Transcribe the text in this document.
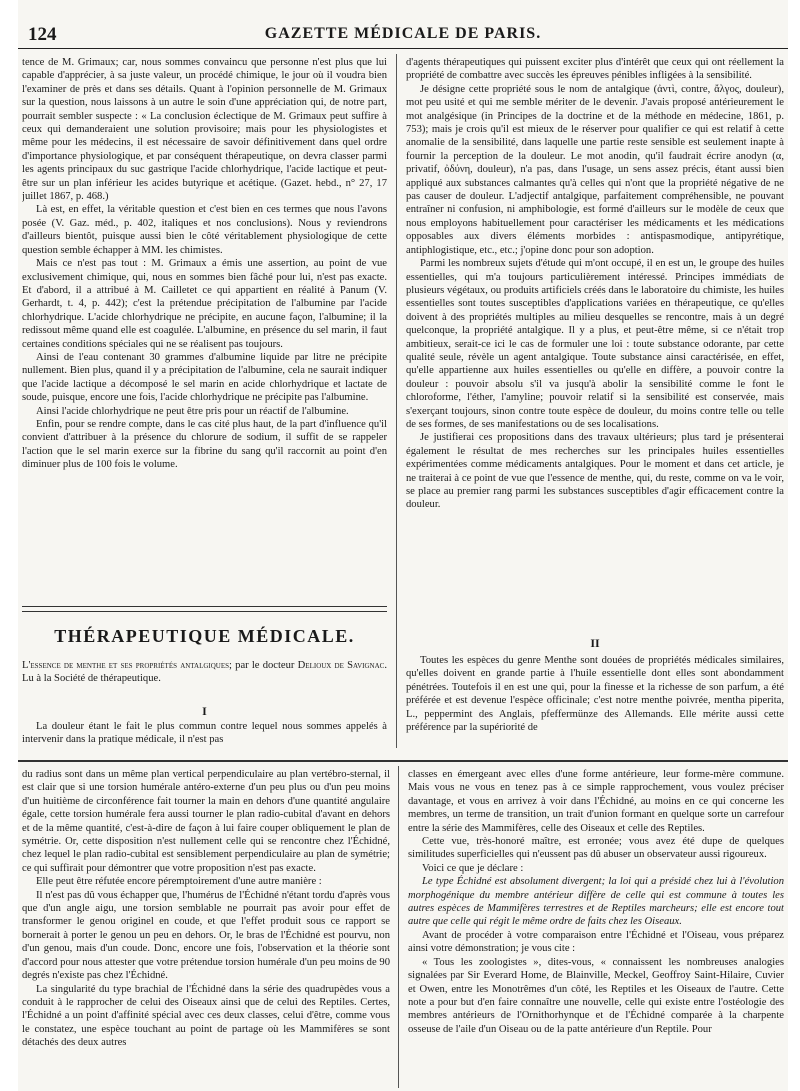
124	GAZETTE MÉDICALE DE PARIS.

tence de M. Grimaux; car, nous sommes convaincu que personne n'est plus que lui capable d'apprécier, à sa juste valeur, un procédé chimique, le jour où il voudra bien l'examiner de près et dans ses détails. Quant à l'opinion personnelle de M. Grimaux sur la question, nous laissons à un autre le soin d'une appréciation qui, de notre part, pourrait sembler suspecte : « La conclusion éclectique de M. Grimaux peut suffire à ceux qui demanderaient une solution provisoire; mais pour les physiologistes et même pour les médecins, il est nécessaire de savoir définitivement dans quel ordre d'importance physiologique, et par conséquent thérapeutique, on devra classer parmi les agents principaux du suc gastrique l'acide chlorhydrique, l'acide lactique et peut-être sur un plan inférieur les acides butyrique et acétique. (Gazet. hebd., n° 27, 17 juillet 1867, p. 468.)

Là est, en effet, la véritable question et c'est bien en ces termes que nous l'avons posée (V. Gaz. méd., p. 402, italiques et nos conclusions). Nous y reviendrons d'ailleurs bientôt, puisque aussi bien le côté véritablement physiologique de cette question semble échapper à MM. les chimistes.

Mais ce n'est pas tout : M. Grimaux a émis une assertion, au point de vue exclusivement chimique, qui, nous en sommes bien fâché pour lui, n'est pas exacte. Et d'abord, il a attribué à M. Cailletet ce qui appartient en réalité à Panum (V. Gerhardt, t. 4, p. 442); c'est la prétendue précipitation de l'albumine par l'acide chlorhydrique. L'acide chlorhydrique ne précipite, en aucune façon, l'albumine; il la redissout même quand elle est coagulée. L'albumine, en présence du sel marin, il faut certaines conditions spéciales qui ne se réalisent pas toujours.

Ainsi de l'eau contenant 30 grammes d'albumine liquide par litre ne précipite nullement. Bien plus, quand il y a précipitation de l'albumine, cela ne saurait indiquer que l'acide lactique a décomposé le sel marin en acide chlorhydrique et lactate de soude, puisque, encore une fois, l'acide chlorhydrique ne précipite pas l'albumine.

Ainsi l'acide chlorhydrique ne peut être pris pour un réactif de l'albumine.

Enfin, pour se rendre compte, dans le cas cité plus haut, de la part d'influence qu'il convient d'attribuer à la présence du chlorure de sodium, il suffit de se rappeler l'action que le sel marin exerce sur la fibrine du sang qu'il raccornit au point d'en diminuer plus de 100 fois le volume.

THÉRAPEUTIQUE MÉDICALE.
L'essence de menthe et ses propriétés antalgiques; par le docteur Delioux de Savignac. Lu à la Société de thérapeutique.
I

La douleur étant le fait le plus commun contre lequel nous sommes appelés à intervenir dans la pratique médicale, il n'est pas

d'agents thérapeutiques qui puissent exciter plus d'intérêt que ceux qui ont réellement la propriété de combattre avec succès les épreuves pénibles infligées à la sensibilité.

Je désigne cette propriété sous le nom de antalgique (ἀντὶ, contre, ἄλγος, douleur), mot peu usité et qui me semble mériter de le devenir. J'avais proposé antérieurement le mot analgésique (in Principes de la doctrine et de la méthode en médecine, 1861, p. 753); mais je crois qu'il est mieux de le réserver pour qualifier ce qui est relatif à cette anomalie de la sensibilité, dans laquelle une partie reste sensible est seulement inapte à fournir la perception de la douleur. Le mot anodin, qu'il faudrait écrire anodyn (α, privatif, ὀδύνη, douleur), n'a pas, dans l'usage, un sens assez précis, étant aussi bien appliqué aux substances calmantes qu'à celles qui n'ont que la propriété négative de ne pas causer de douleur. L'adjectif antalgique, parfaitement compréhensible, ne pouvant entraîner ni confusion, ni amphibologie, est formé d'ailleurs sur le modèle de ceux que nous employons habituellement pour caractériser les médicaments et les médications opposables aux divers éléments morbides : antispasmodique, antipyrétique, antiphlogistique, etc., etc.; j'opine donc pour son adoption.

Parmi les nombreux sujets d'étude qui m'ont occupé, il en est un, le groupe des huiles essentielles, qui m'a toujours particulièrement intéressé. Principes immédiats de plusieurs végétaux, ou produits artificiels créés dans le laboratoire du chimiste, les huiles essentielles sont toutes susceptibles d'applications variées en thérapeutique, ce qu'elles doivent à des propriétés multiples au milieu desquelles se rencontre, mais à un degré quelconque, la propriété antalgique. Il y a plus, et peut-être même, si ce n'était trop ambitieux, serait-ce ici le cas de formuler une loi : toute substance odorante, par cette qualité seule, révèle un agent antalgique. Toute substance ainsi caractérisée, en effet, qu'elle appartienne aux huiles essentielles ou qu'elle en diffère, a pouvoir contre la douleur : pouvoir absolu s'il va jusqu'à abolir la sensibilité comme le font le chloroforme, l'éther, l'amyline; pouvoir relatif si la sensibilité est conservée, mais s'exerçant toujours, sinon contre toute espèce de douleur, du moins contre telle ou telle de ses formes, de ses manifestations ou de ses localisations.

Je justifierai ces propositions dans des travaux ultérieurs; plus tard je présenterai également le résultat de mes recherches sur les principales huiles essentielles expérimentées comme médicaments antalgiques. Pour le moment et dans cet article, je ne traiterai à ce point de vue que l'essence de menthe, qui, du reste, comme on va le voir, se place au premier rang parmi les substances susceptibles d'agir efficacement contre la douleur.

II

Toutes les espèces du genre Menthe sont douées de propriétés médicales similaires, qu'elles doivent en grande partie à l'huile essentielle dont elles sont abondamment pénétrées. Toutefois il en est une qui, pour la finesse et la richesse de son parfum, a été préférée et est devenue l'espèce officinale; c'est notre menthe poivrée, mentha piperita, L., peppermint des Anglais, pfeffermünze des Allemands. Elle mérite aussi cette préférence par la supériorité de

du radius sont dans un même plan vertical perpendiculaire au plan vertébro-sternal, il est clair que si une torsion humérale antéro-externe d'un peu plus ou d'un peu moins d'un huitième de circonférence fait tourner la main en dehors d'une quantité angulaire égale, cette torsion humérale fera aussi tourner le plan radio-cubital d'avant en dehors et de la même quantité, c'est-à-dire de façon à lui faire couper obliquement le plan de symétrie. Or, cette disposition n'est nullement celle qui se rencontre chez l'Échidné, chez lequel le plan radio-cubital est sensiblement perpendiculaire au plan de symétrie; ce qui suffirait pour démontrer que votre proposition n'est pas exacte.

Elle peut être réfutée encore péremptoirement d'une autre manière :

Il n'est pas dû vous échapper que, l'humérus de l'Échidné n'étant tordu d'après vous que d'un angle aigu, une torsion semblable ne pourrait pas avoir pour effet de transformer le genou originel en coude, et que l'effet produit sous ce rapport se bornerait à porter le genou un peu en dehors. Or, le bras de l'Échidné est pourvu, non d'un genou, mais d'un coude. Donc, encore une fois, l'observation et la théorie sont d'accord pour nous attester que votre prétendue torsion humérale d'un peu moins de 90 degrés n'existe pas chez l'Échidné.

La singularité du type brachial de l'Échidné dans la série des quadrupèdes vous a conduit à le rapprocher de celui des Oiseaux ainsi que de celui des Reptiles. Certes, l'Échidné a un point d'affinité spécial avec ces deux classes, celui d'être, comme vous le constatez, une espèce touchant au point de partage où les Mammifères se sont détachés des deux autres

classes en émergeant avec elles d'une forme antérieure, leur forme-mère commune. Mais vous ne vous en tenez pas à ce simple rapprochement, vous voulez préciser davantage, et vous en arrivez à voir dans l'Échidné, au moins en ce qui concerne les membres, un terme de transition, un trait d'union formant en quelque sorte un carrefour entre la série des Mammifères, celle des Oiseaux et celle des Reptiles.

Cette vue, très-honoré maître, est erronée; vous avez été dupe de quelques similitudes superficielles qui n'eussent pas dû abuser un observateur aussi rigoureux.

Voici ce que je déclare :

Le type Échidné est absolument divergent; la loi qui a présidé chez lui à l'évolution morphogénique du membre antérieur diffère de celle qui est commune à toutes les autres espèces de Mammifères terrestres et de Reptiles marcheurs; elle est encore tout autre que celle qui régit le même ordre de faits chez les Oiseaux.

Avant de procéder à votre comparaison entre l'Échidné et l'Oiseau, vous préparez ainsi votre démonstration; je vous cite :

« Tous les zoologistes », dites-vous, « connaissent les nombreuses analogies signalées par Sir Everard Home, de Blainville, Meckel, Geoffroy Saint-Hilaire, Cuvier et Owen, entre les Monotrêmes d'un côté, les Reptiles et les Oiseaux de l'autre. Cette note a pour but d'en faire connaître une nouvelle, celle qui existe entre l'ostéologie des membres antérieurs de l'Ornithorhynque et de l'Échidné comparée à la charpente osseuse de l'aile d'un Oiseau ou de la patte antérieure d'un Reptile. Pour
